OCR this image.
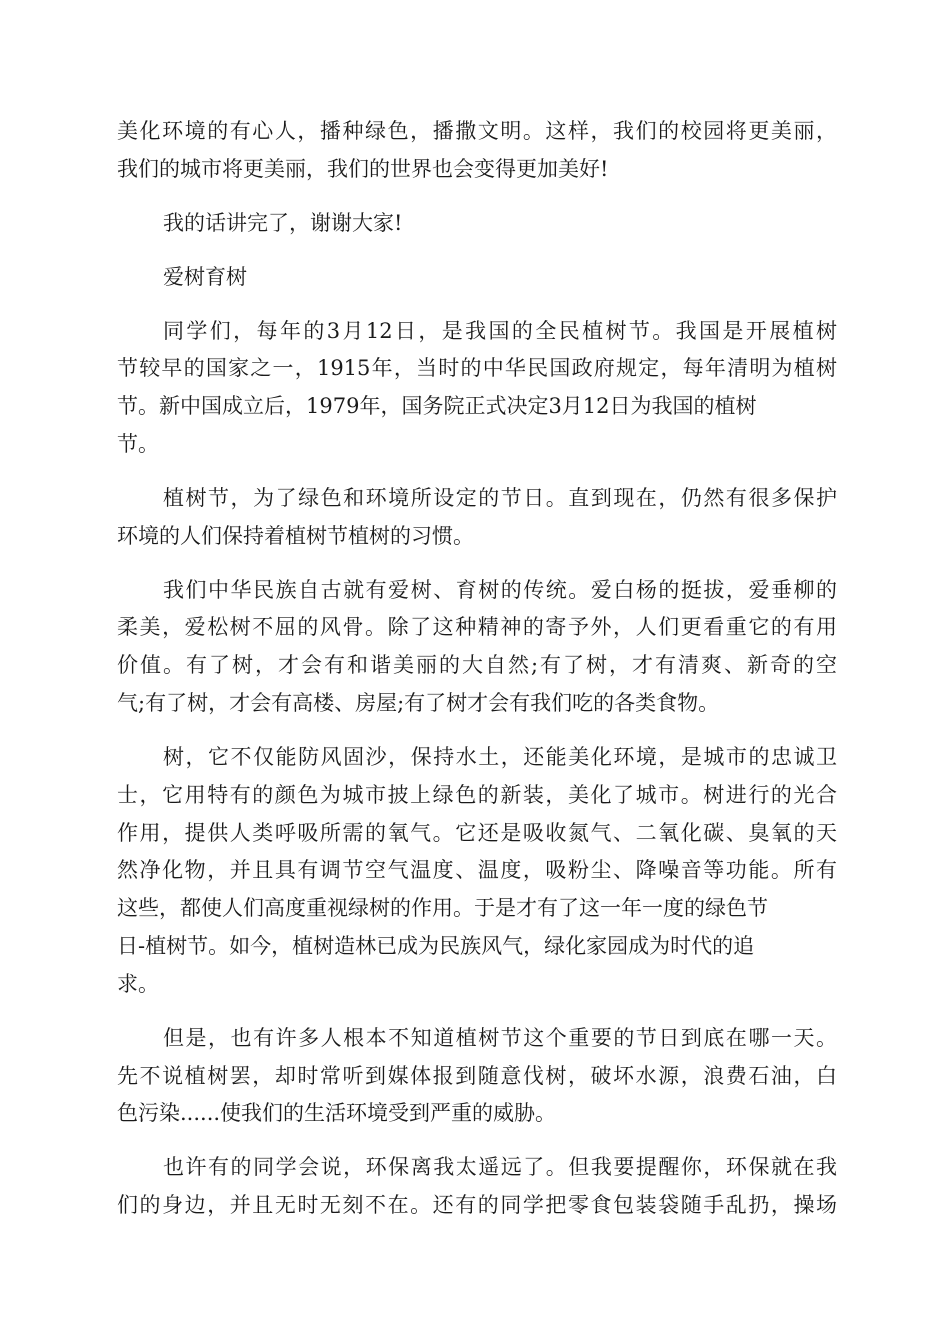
美化环境的有心人，播种绿色，播撒文明。这样，我们的校园将更美丽，
我们的城市将更美丽，我们的世界也会变得更加美好!
我的话讲完了，谢谢大家!
爱树育树
同学们，每年的3月12日，是我国的全民植树节。我国是开展植树
节较早的国家之一，1915年，当时的中华民国政府规定，每年清明为植树
节。新中国成立后，1979年，国务院正式决定3月12日为我国的植树
节。
植树节，为了绿色和环境所设定的节日。直到现在，仍然有很多保护
环境的人们保持着植树节植树的习惯。
我们中华民族自古就有爱树、育树的传统。爱白杨的挺拔，爱垂柳的
柔美，爱松树不屈的风骨。除了这种精神的寄予外，人们更看重它的有用
价值。有了树，才会有和谐美丽的大自然;有了树，才有清爽、新奇的空
气;有了树，才会有高楼、房屋;有了树才会有我们吃的各类食物。
树，它不仅能防风固沙，保持水土，还能美化环境，是城市的忠诚卫
士，它用特有的颜色为城市披上绿色的新装，美化了城市。树进行的光合
作用，提供人类呼吸所需的氧气。它还是吸收氮气、二氧化碳、臭氧的天
然净化物，并且具有调节空气温度、温度，吸粉尘、降噪音等功能。所有
这些，都使人们高度重视绿树的作用。于是才有了这一年一度的绿色节
日-植树节。如今，植树造林已成为民族风气，绿化家园成为时代的追
求。
但是，也有许多人根本不知道植树节这个重要的节日到底在哪一天。
先不说植树罢，却时常听到媒体报到随意伐树，破坏水源，浪费石油，白
色污染......使我们的生活环境受到严重的威胁。
也许有的同学会说，环保离我太遥远了。但我要提醒你，环保就在我
们的身边，并且无时无刻不在。还有的同学把零食包装袋随手乱扔，操场
